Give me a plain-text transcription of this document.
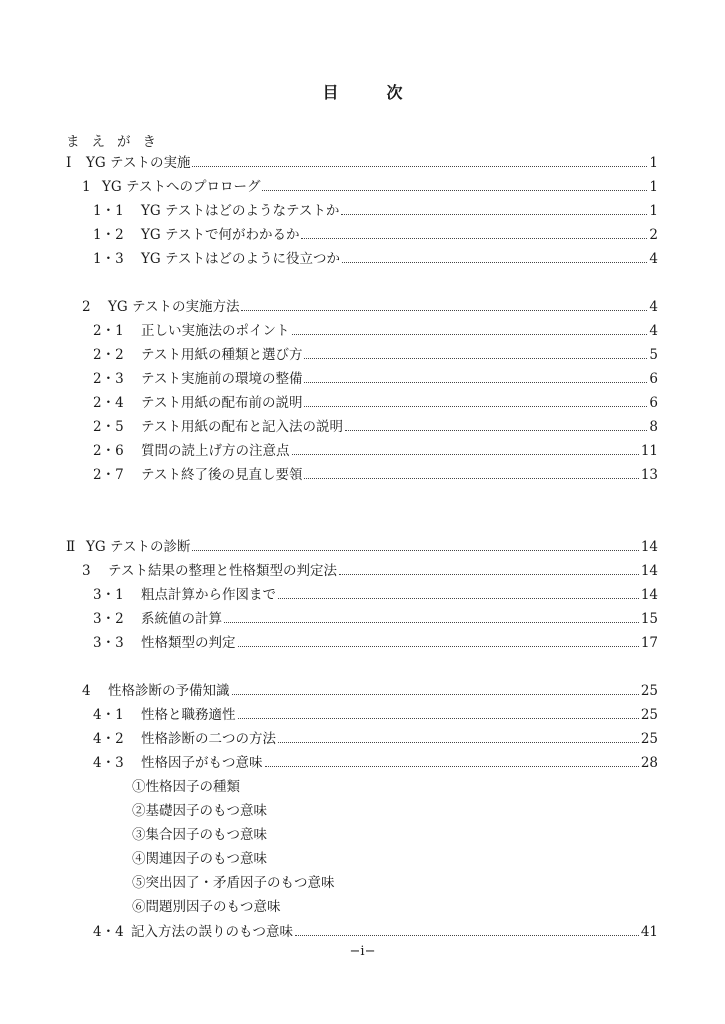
目	次
まえがき
Ⅰ YG テストの実施	1
1 YG テストへのプロローグ	1
1・1 YG テストはどのようなテストか	1
1・2 YG テストで何がわかるか	2
1・3 YG テストはどのように役立つか	4
2 YG テストの実施方法	4
2・1 正しい実施法のポイント	4
2・2 テスト用紙の種類と選び方	5
2・3 テスト実施前の環境の整備	6
2・4 テスト用紙の配布前の説明	6
2・5 テスト用紙の配布と記入法の説明	8
2・6 質問の読上げ方の注意点	11
2・7 テスト終了後の見直し要領	13
Ⅱ YG テストの診断	14
3 テスト結果の整理と性格類型の判定法	14
3・1 粗点計算から作図まで	14
3・2 系統値の計算	15
3・3 性格類型の判定	17
4 性格診断の予備知識	25
4・1 性格と職務適性	25
4・2 性格診断の二つの方法	25
4・3 性格因子がもつ意味	28
①性格因子の種類
②基礎因子のもつ意味
③集合因子のもつ意味
④関連因子のもつ意味
⑤突出因了・矛盾因子のもつ意味
⑥問題別因子のもつ意味
4・4 記入方法の誤りのもつ意味	41
−i−
